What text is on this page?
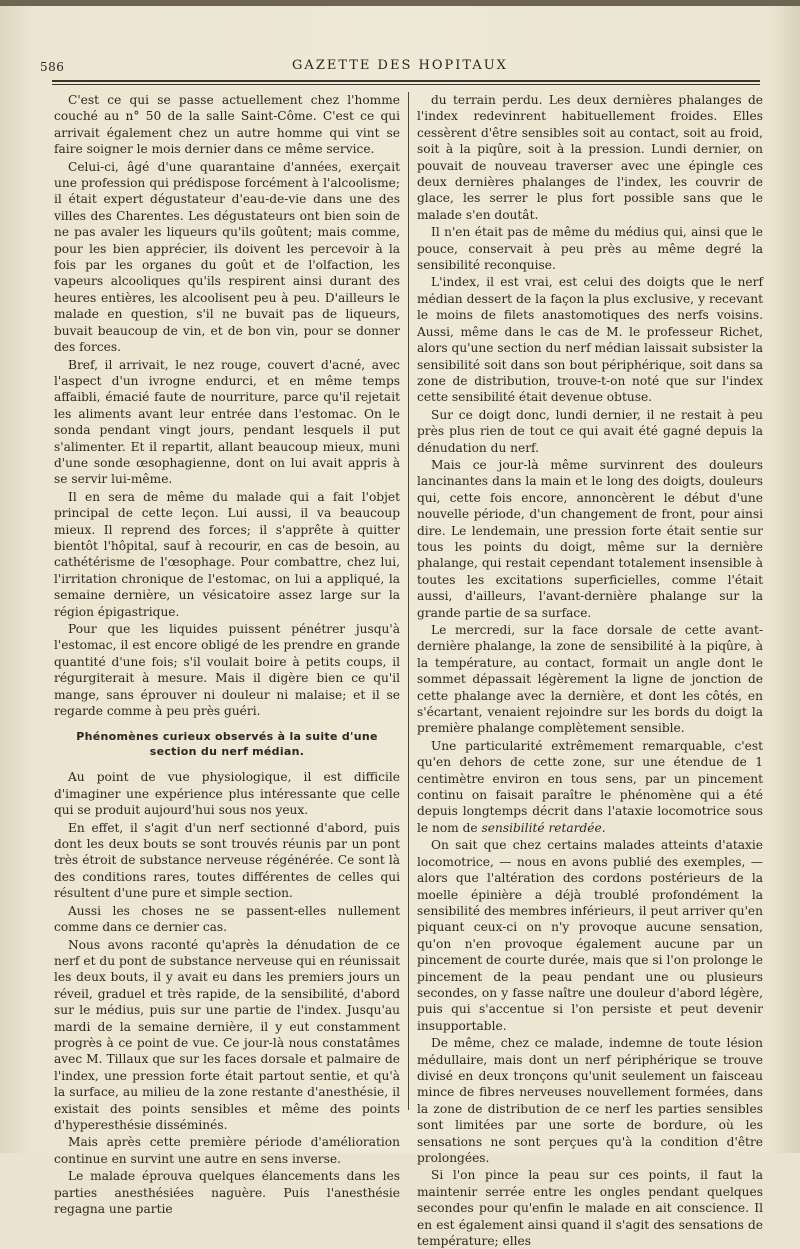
586	GAZETTE DES HOPITAUX

C'est ce qui se passe actuellement chez l'homme couché au n° 50 de la salle Saint-Côme. C'est ce qui arrivait également chez un autre homme qui vint se faire soigner le mois dernier dans ce même service.

Celui-ci, âgé d'une quarantaine d'années, exerçait une profession qui prédispose forcément à l'alcoolisme; il était expert dégustateur d'eau-de-vie dans une des villes des Charentes. Les dégustateurs ont bien soin de ne pas avaler les liqueurs qu'ils goûtent; mais comme, pour les bien apprécier, ils doivent les percevoir à la fois par les organes du goût et de l'olfaction, les vapeurs alcooliques qu'ils respirent ainsi durant des heures entières, les alcoolisent peu à peu. D'ailleurs le malade en question, s'il ne buvait pas de liqueurs, buvait beaucoup de vin, et de bon vin, pour se donner des forces.

Bref, il arrivait, le nez rouge, couvert d'acné, avec l'aspect d'un ivrogne endurci, et en même temps affaibli, émacié faute de nourriture, parce qu'il rejetait les aliments avant leur entrée dans l'estomac. On le sonda pendant vingt jours, pendant lesquels il put s'alimenter. Et il repartit, allant beaucoup mieux, muni d'une sonde œsophagienne, dont on lui avait appris à se servir lui-même.

Il en sera de même du malade qui a fait l'objet principal de cette leçon. Lui aussi, il va beaucoup mieux. Il reprend des forces; il s'apprête à quitter bientôt l'hôpital, sauf à recourir, en cas de besoin, au cathétérisme de l'œsophage. Pour combattre, chez lui, l'irritation chronique de l'estomac, on lui a appliqué, la semaine dernière, un vésicatoire assez large sur la région épigastrique.

Pour que les liquides puissent pénétrer jusqu'à l'estomac, il est encore obligé de les prendre en grande quantité d'une fois; s'il voulait boire à petits coups, il régurgiterait à mesure. Mais il digère bien ce qu'il mange, sans éprouver ni douleur ni malaise; et il se regarde comme à peu près guéri.

Phénomènes curieux observés à la suite d'une section du nerf médian.

Au point de vue physiologique, il est difficile d'imaginer une expérience plus intéressante que celle qui se produit aujourd'hui sous nos yeux.

En effet, il s'agit d'un nerf sectionné d'abord, puis dont les deux bouts se sont trouvés réunis par un pont très étroit de substance nerveuse régénérée. Ce sont là des conditions rares, toutes différentes de celles qui résultent d'une pure et simple section.

Aussi les choses ne se passent-elles nullement comme dans ce dernier cas.

Nous avons raconté qu'après la dénudation de ce nerf et du pont de substance nerveuse qui en réunissait les deux bouts, il y avait eu dans les premiers jours un réveil, graduel et très rapide, de la sensibilité, d'abord sur le médius, puis sur une partie de l'index. Jusqu'au mardi de la semaine dernière, il y eut constamment progrès à ce point de vue. Ce jour-là nous constatâmes avec M. Tillaux que sur les faces dorsale et palmaire de l'index, une pression forte était partout sentie, et qu'à la surface, au milieu de la zone restante d'anesthésie, il existait des points sensibles et même des points d'hyperesthésie disséminés.

Mais après cette première période d'amélioration continue en survint une autre en sens inverse.

Le malade éprouva quelques élancements dans les parties anesthésiées naguère. Puis l'anesthésie regagna une partie

du terrain perdu. Les deux dernières phalanges de l'index redevinrent habituellement froides. Elles cessèrent d'être sensibles soit au contact, soit au froid, soit à la piqûre, soit à la pression. Lundi dernier, on pouvait de nouveau traverser avec une épingle ces deux dernières phalanges de l'index, les couvrir de glace, les serrer le plus fort possible sans que le malade s'en doutât.

Il n'en était pas de même du médius qui, ainsi que le pouce, conservait à peu près au même degré la sensibilité reconquise.

L'index, il est vrai, est celui des doigts que le nerf médian dessert de la façon la plus exclusive, y recevant le moins de filets anastomotiques des nerfs voisins. Aussi, même dans le cas de M. le professeur Richet, alors qu'une section du nerf médian laissait subsister la sensibilité soit dans son bout périphérique, soit dans sa zone de distribution, trouve-t-on noté que sur l'index cette sensibilité était devenue obtuse.

Sur ce doigt donc, lundi dernier, il ne restait à peu près plus rien de tout ce qui avait été gagné depuis la dénudation du nerf.

Mais ce jour-là même survinrent des douleurs lancinantes dans la main et le long des doigts, douleurs qui, cette fois encore, annoncèrent le début d'une nouvelle période, d'un changement de front, pour ainsi dire. Le lendemain, une pression forte était sentie sur tous les points du doigt, même sur la dernière phalange, qui restait cependant totalement insensible à toutes les excitations superficielles, comme l'était aussi, d'ailleurs, l'avant-dernière phalange sur la grande partie de sa surface.

Le mercredi, sur la face dorsale de cette avant-dernière phalange, la zone de sensibilité à la piqûre, à la température, au contact, formait un angle dont le sommet dépassait légèrement la ligne de jonction de cette phalange avec la dernière, et dont les côtés, en s'écartant, venaient rejoindre sur les bords du doigt la première phalange complètement sensible.

Une particularité extrêmement remarquable, c'est qu'en dehors de cette zone, sur une étendue de 1 centimètre environ en tous sens, par un pincement continu on faisait paraître le phénomène qui a été depuis longtemps décrit dans l'ataxie locomotrice sous le nom de sensibilité retardée.

On sait que chez certains malades atteints d'ataxie locomotrice, — nous en avons publié des exemples, — alors que l'altération des cordons postérieurs de la moelle épinière a déjà troublé profondément la sensibilité des membres inférieurs, il peut arriver qu'en piquant ceux-ci on n'y provoque aucune sensation, qu'on n'en provoque également aucune par un pincement de courte durée, mais que si l'on prolonge le pincement de la peau pendant une ou plusieurs secondes, on y fasse naître une douleur d'abord légère, puis qui s'accentue si l'on persiste et peut devenir insupportable.

De même, chez ce malade, indemne de toute lésion médullaire, mais dont un nerf périphérique se trouve divisé en deux tronçons qu'unit seulement un faisceau mince de fibres nerveuses nouvellement formées, dans la zone de distribution de ce nerf les parties sensibles sont limitées par une sorte de bordure, où les sensations ne sont perçues qu'à la condition d'être prolongées.

Si l'on pince la peau sur ces points, il faut la maintenir serrée entre les ongles pendant quelques secondes pour qu'enfin le malade en ait conscience. Il en est également ainsi quand il s'agit des sensations de température; elles
